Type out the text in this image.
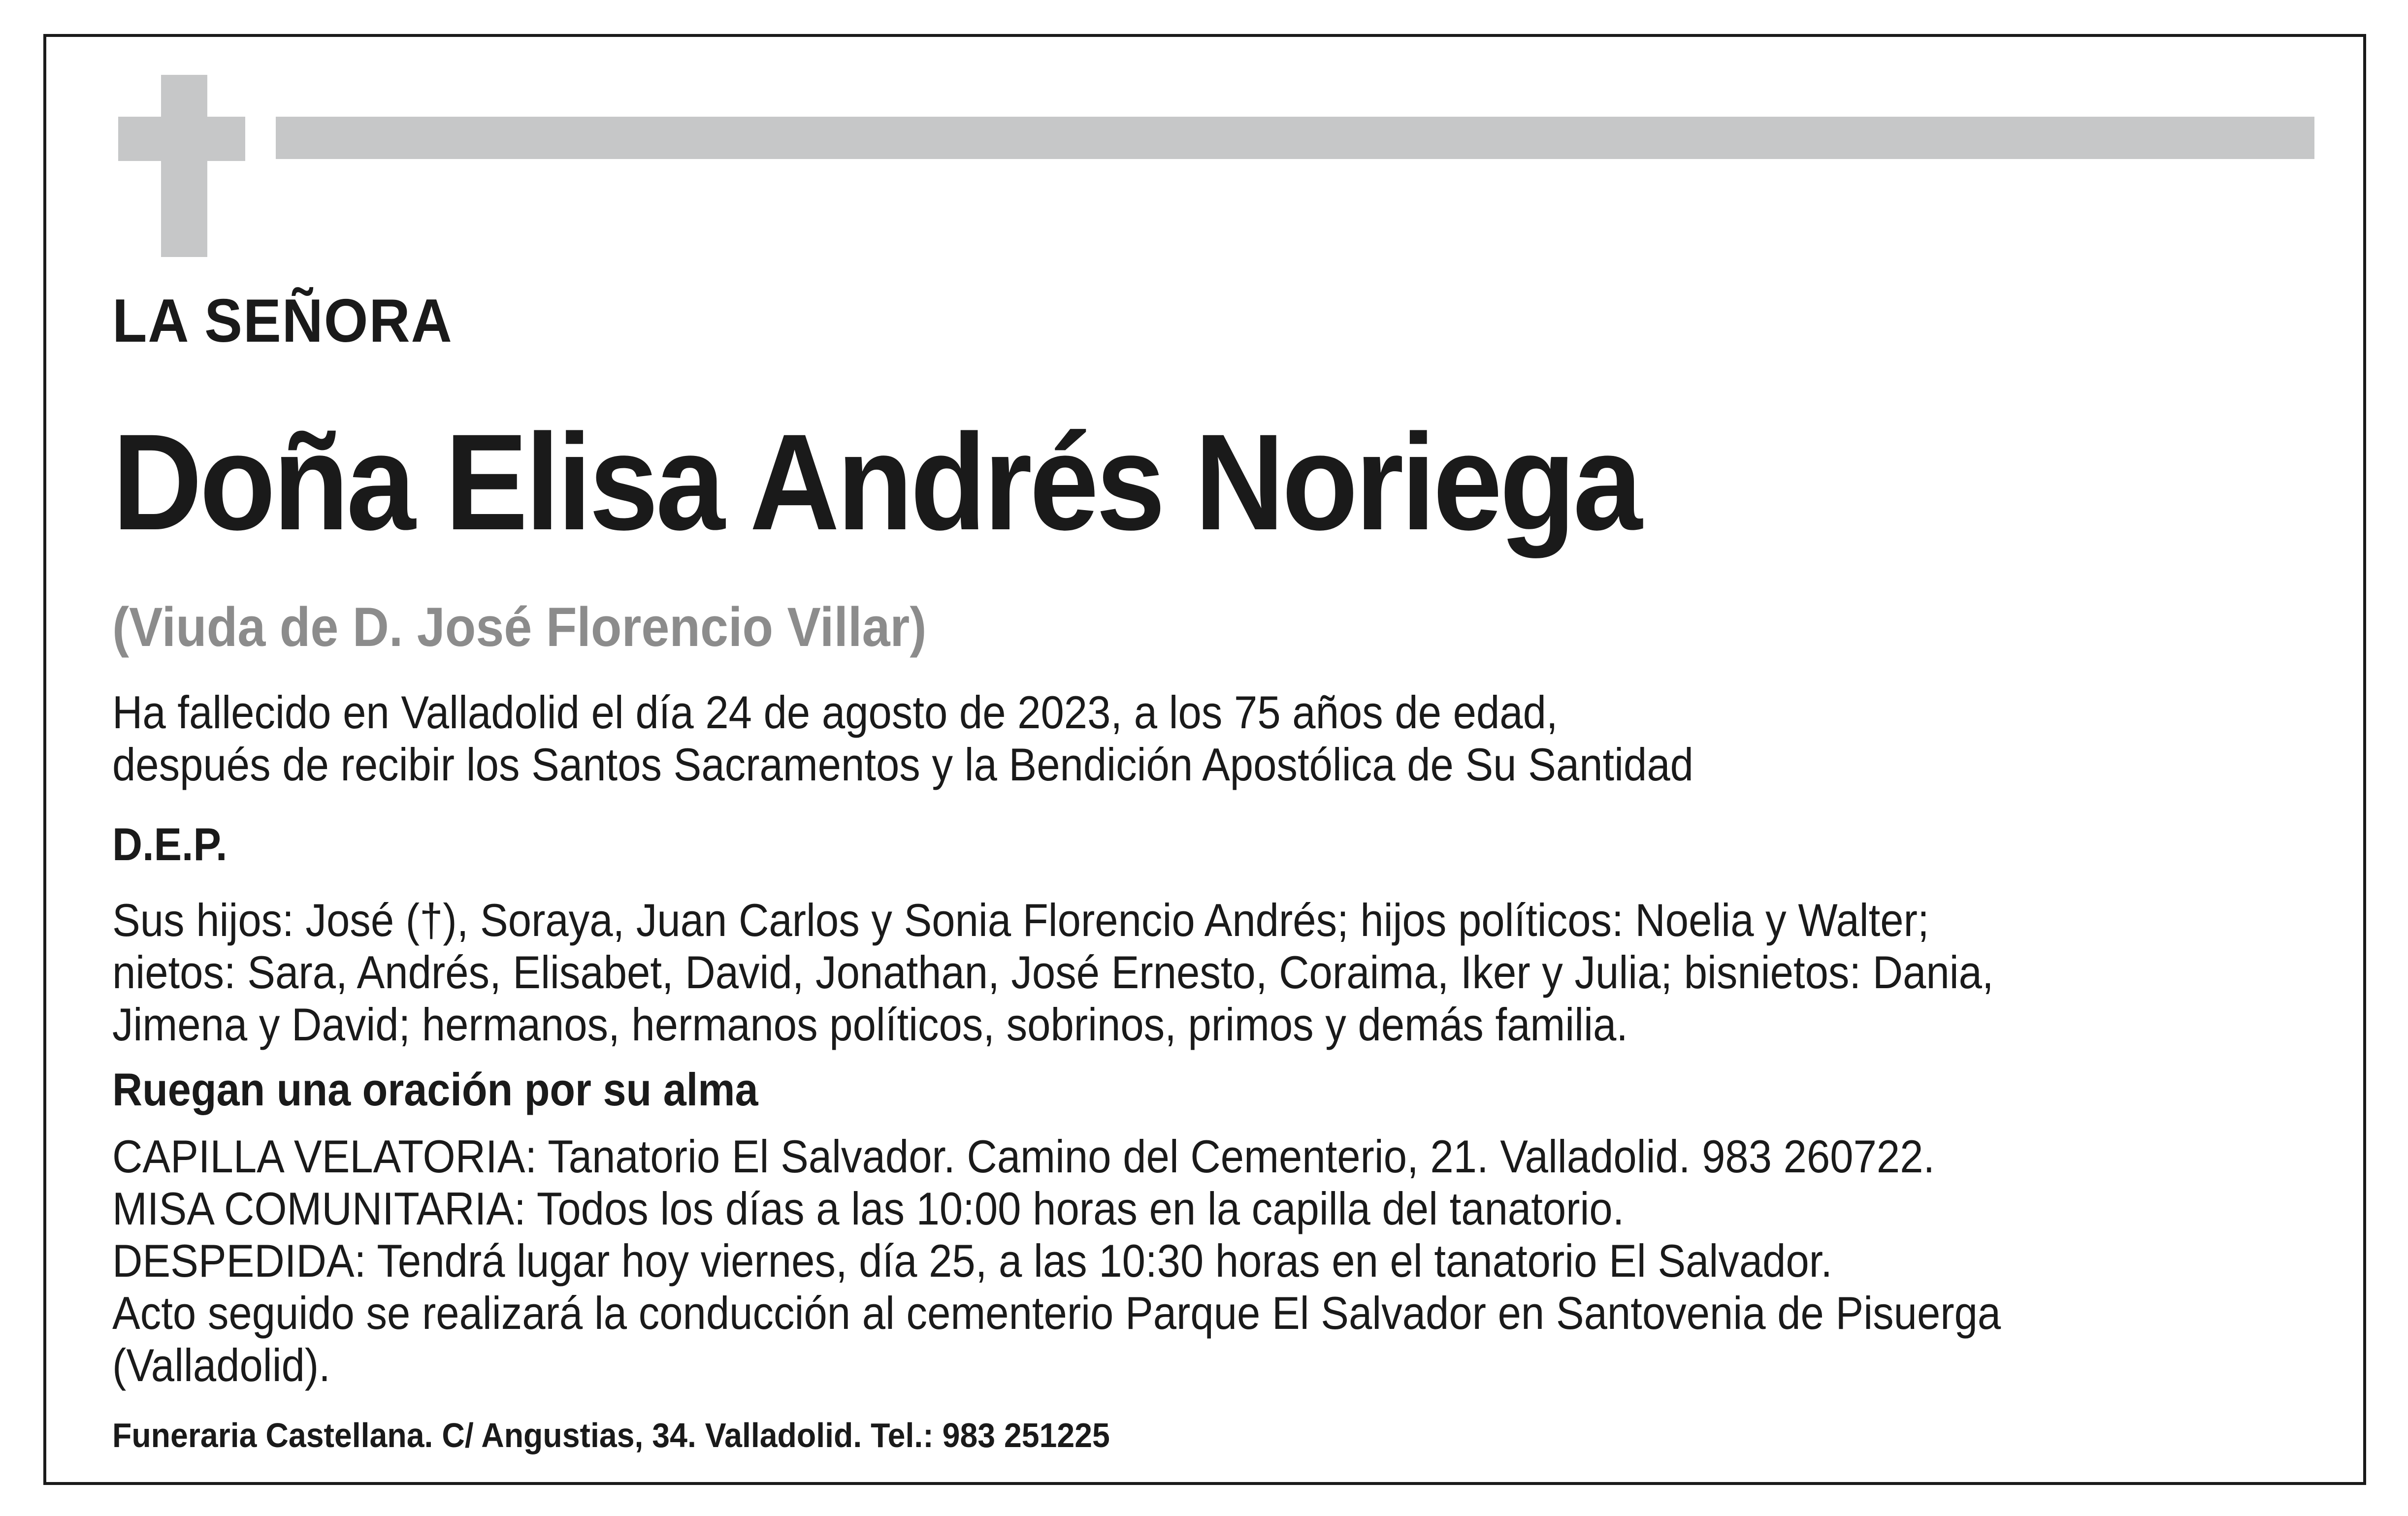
LA SEÑORA

Doña Elisa Andrés Noriega

(Viuda de D. José Florencio Villar)

Ha fallecido en Valladolid el día 24 de agosto de 2023, a los 75 años de edad,

después de recibir los Santos Sacramentos y la Bendición Apostólica de Su Santidad

D.E.P.

Sus hijos: José (†), Soraya, Juan Carlos y Sonia Florencio Andrés; hijos políticos: Noelia y Walter;

nietos: Sara, Andrés, Elisabet, David, Jonathan, José Ernesto, Coraima, Iker y Julia; bisnietos: Dania,

Jimena y David; hermanos, hermanos políticos, sobrinos, primos y demás familia.

Ruegan una oración por su alma

CAPILLA VELATORIA: Tanatorio El Salvador. Camino del Cementerio, 21. Valladolid. 983 260722.

MISA COMUNITARIA: Todos los días a las 10:00 horas en la capilla del tanatorio.

DESPEDIDA: Tendrá lugar hoy viernes, día 25, a las 10:30 horas en el tanatorio El Salvador.

Acto seguido se realizará la conducción al cementerio Parque El Salvador en Santovenia de Pisuerga

(Valladolid).

Funeraria Castellana. C/ Angustias, 34. Valladolid. Tel.: 983 251225
